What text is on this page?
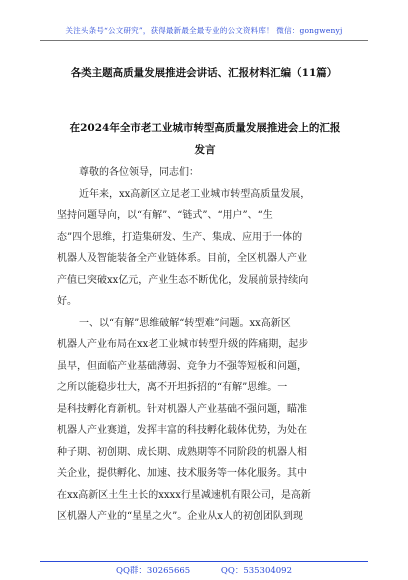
关注头条号“公文研究”，获得最新最全最专业的公文资料库！ 微信：gongwenyj
各类主题高质量发展推进会讲话、汇报材料汇编（11篇）
在2024年全市老工业城市转型高质量发展推进会上的汇报
发言
尊敬的各位领导，同志们：
近年来，xx高新区立足老工业城市转型高质量发展，
坚持问题导向，以“有解”、“链式”、“用户”、“生
态”四个思维，打造集研发、生产、集成、应用于一体的
机器人及智能装备全产业链体系。目前，全区机器人产业
产值已突破xx亿元，产业生态不断优化，发展前景持续向
好。
一、以“有解”思维破解“转型难”问题。xx高新区
机器人产业布局在xx老工业城市转型升级的阵痛期，起步
虽早，但面临产业基础薄弱、竞争力不强等短板和问题，
之所以能稳步壮大，离不开坦拆招的“有解”思维。一
是科技孵化育新机。针对机器人产业基础不强问题，瞄准
机器人产业赛道，发挥丰富的科技孵化载体优势，为处在
种子期、初创期、成长期、成熟期等不同阶段的机器人相
关企业，提供孵化、加速、技术服务等一体化服务。其中
在xx高新区土生土长的xxxx行星减速机有限公司，是高新
区机器人产业的“星星之火”。企业从x人的初创团队到现
QQ群：30265665	QQ：535304092
